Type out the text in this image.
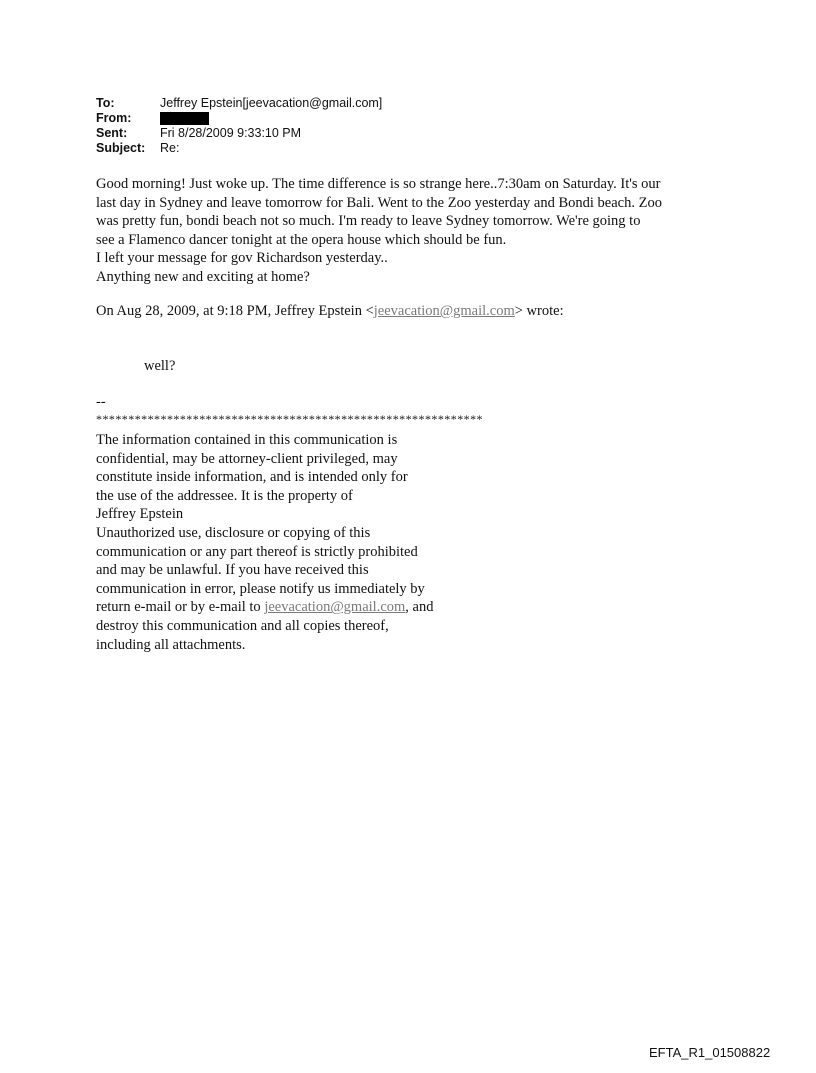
To:	Jeffrey Epstein[jeevacation@gmail.com]
From:
Sent:	Fri 8/28/2009 9:33:10 PM
Subject:	Re:
Good morning! Just woke up. The time difference is so strange here..7:30am on Saturday. It's our
last day in Sydney and leave tomorrow for Bali. Went to the Zoo yesterday and Bondi beach. Zoo
was pretty fun, bondi beach not so much. I'm ready to leave Sydney tomorrow. We're going to
see a Flamenco dancer tonight at the opera house which should be fun.
I left your message for gov Richardson yesterday..
Anything new and exciting at home?
On Aug 28, 2009, at 9:18 PM, Jeffrey Epstein <jeevacation@gmail.com> wrote:
well?
--
************************************************************
The information contained in this communication is
confidential, may be attorney-client privileged, may
constitute inside information, and is intended only for
the use of the addressee. It is the property of
Jeffrey Epstein
Unauthorized use, disclosure or copying of this
communication or any part thereof is strictly prohibited
and may be unlawful. If you have received this
communication in error, please notify us immediately by
return e-mail or by e-mail to jeevacation@gmail.com, and
destroy this communication and all copies thereof,
including all attachments.
EFTA_R1_01508822
